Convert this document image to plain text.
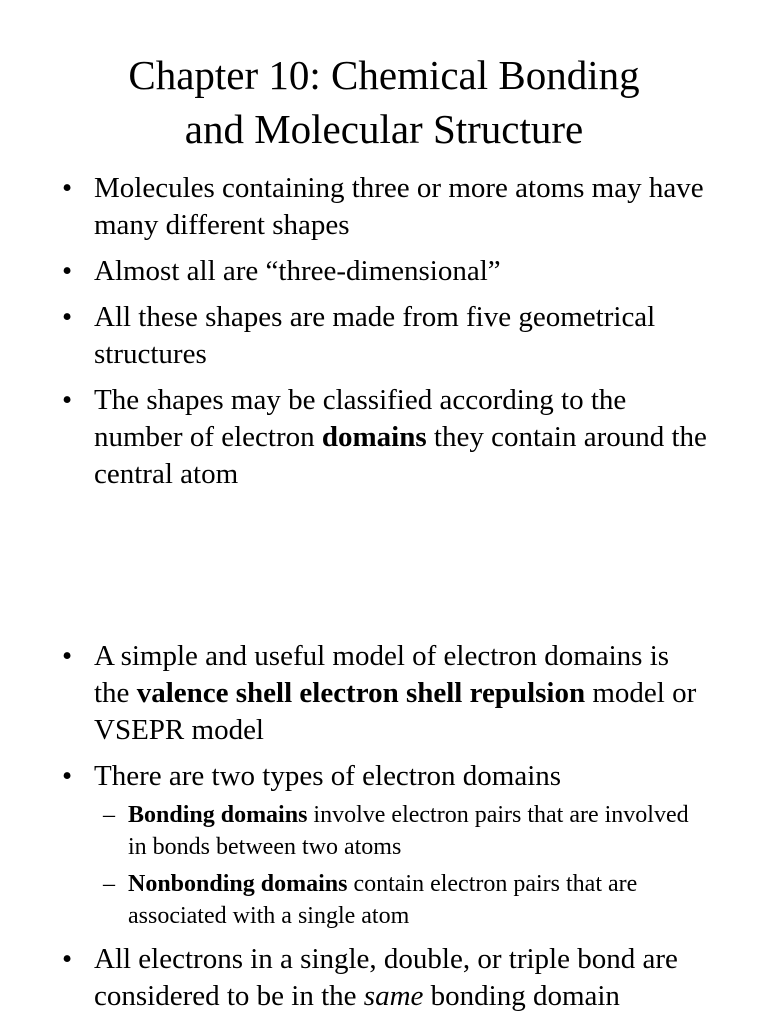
Chapter 10: Chemical Bonding
and Molecular Structure
• Molecules containing three or more atoms may have many different shapes
• Almost all are “three-dimensional”
• All these shapes are made from five geometrical structures
• The shapes may be classified according to the number of electron domains they contain around the central atom
• A simple and useful model of electron domains is the valence shell electron shell repulsion model or VSEPR model
• There are two types of electron domains
– Bonding domains involve electron pairs that are involved in bonds between two atoms
– Nonbonding domains contain electron pairs that are associated with a single atom
• All electrons in a single, double, or triple bond are considered to be in the same bonding domain
